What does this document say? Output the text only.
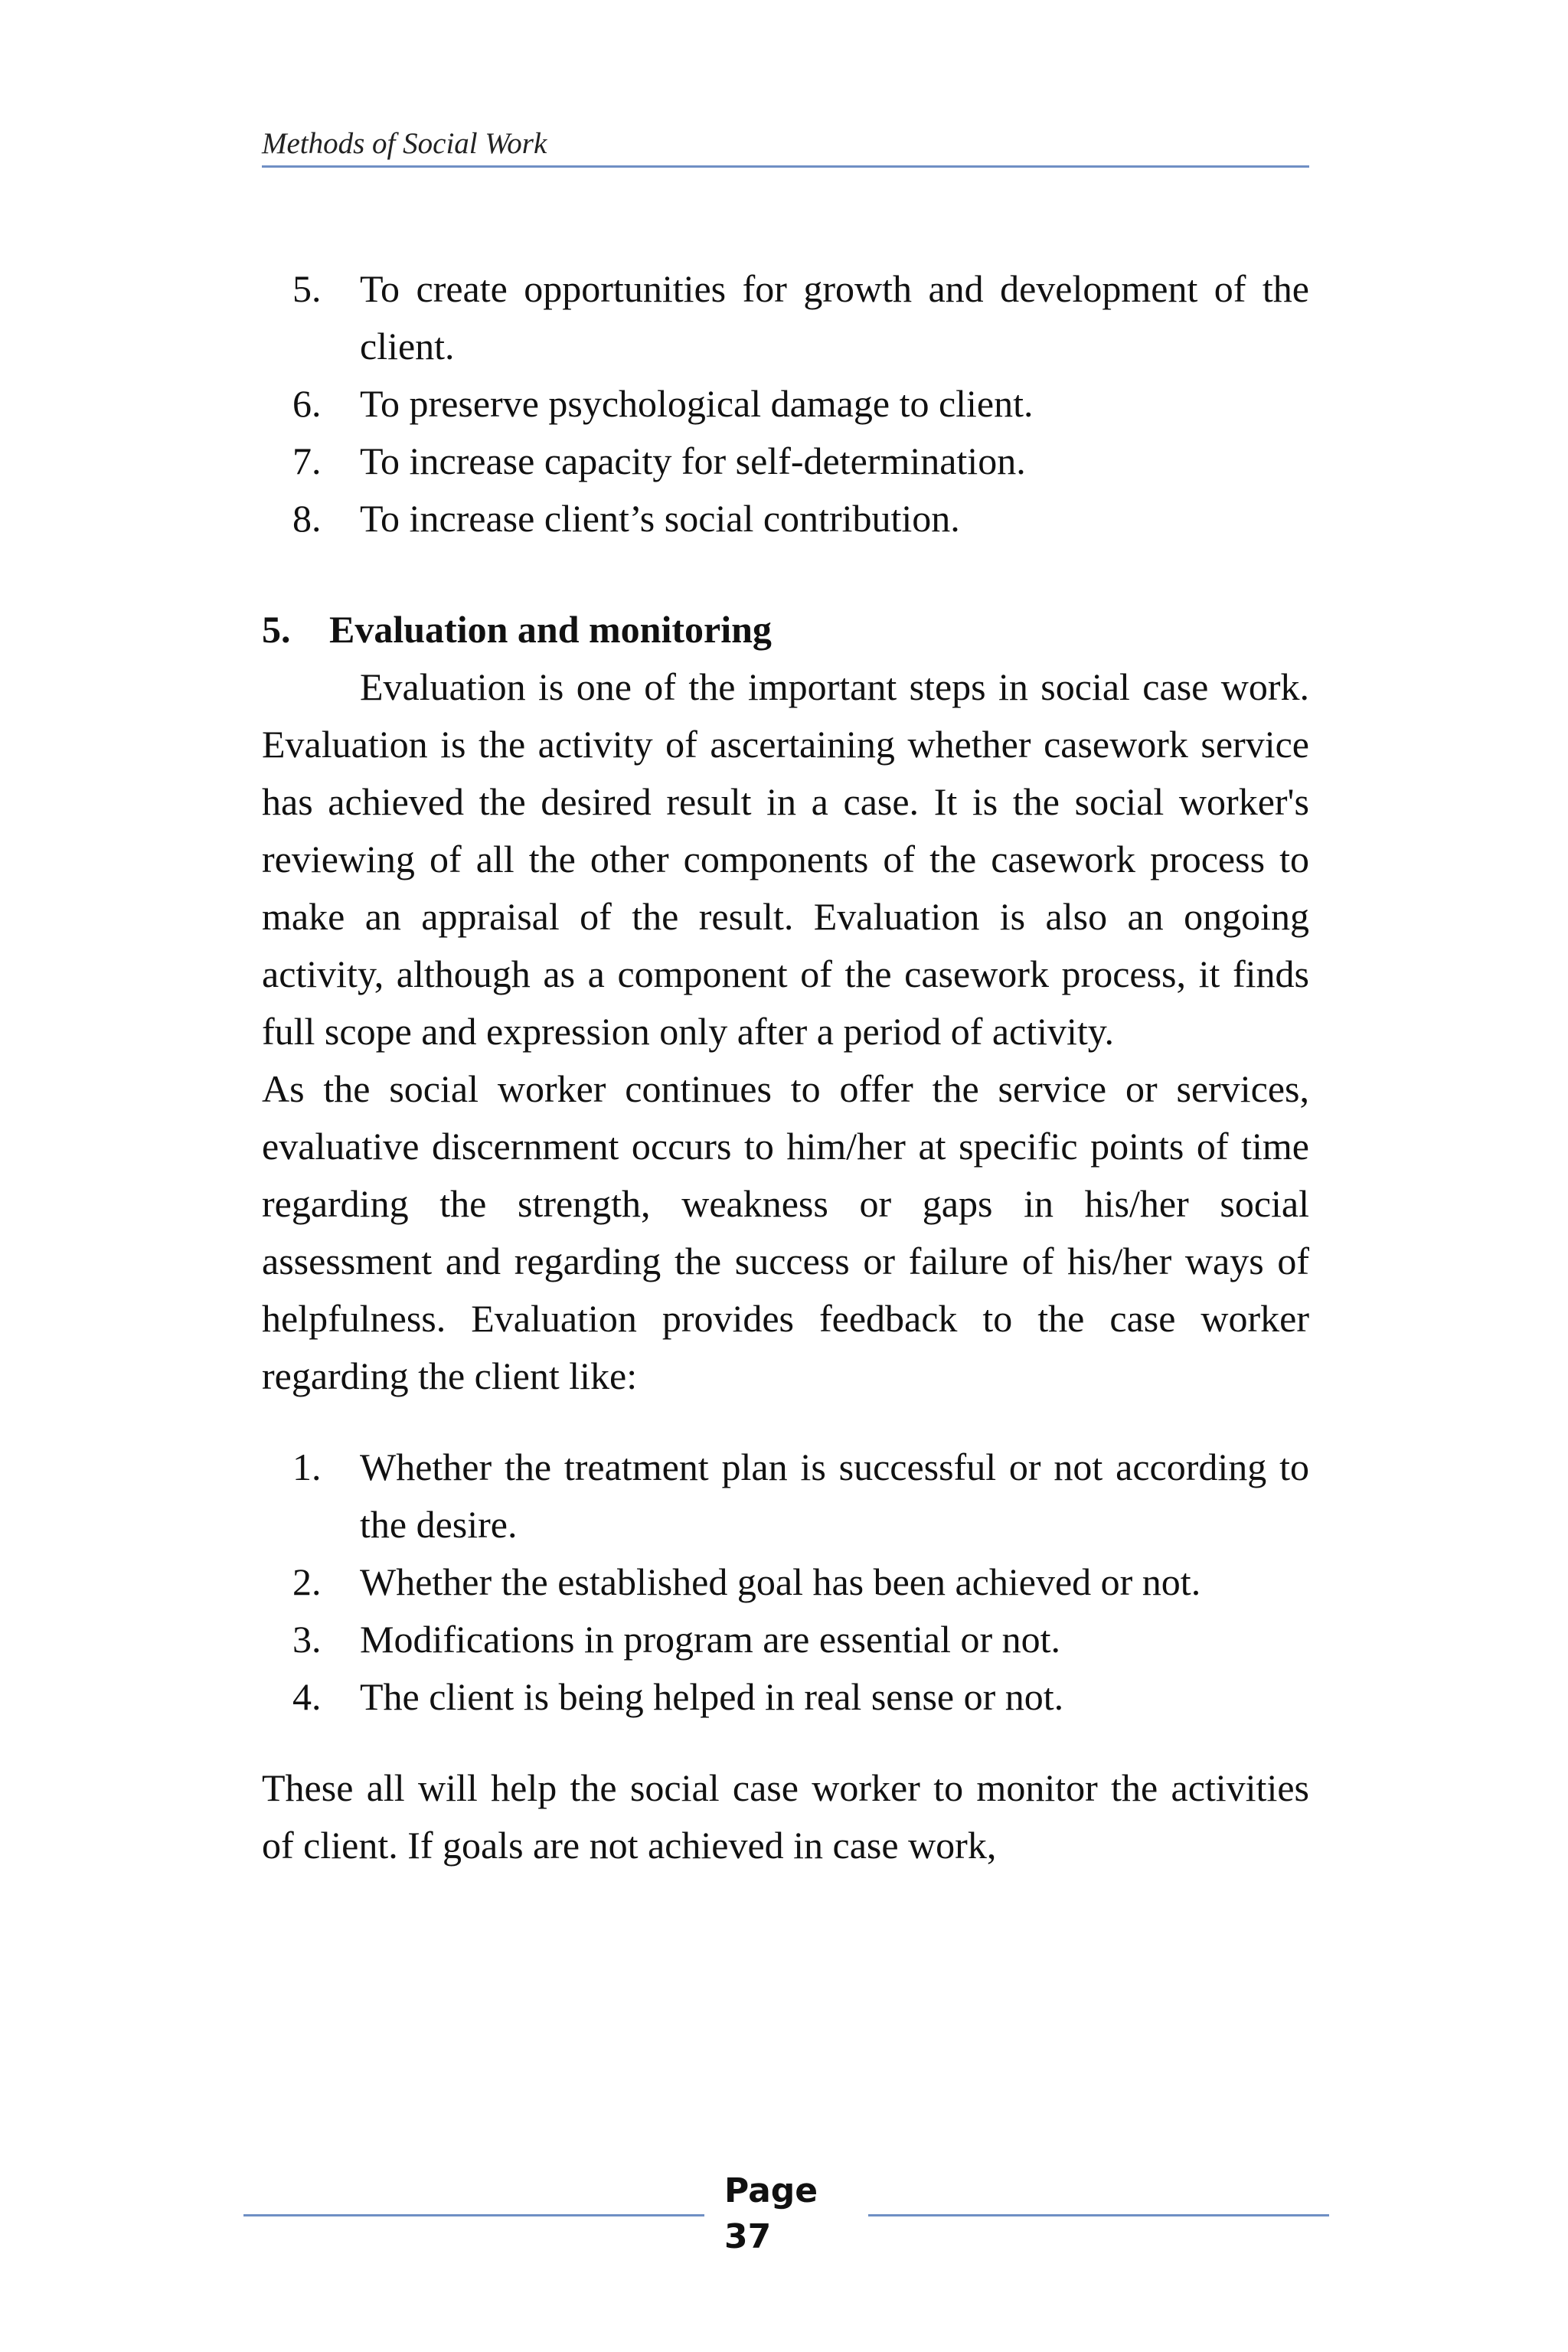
Methods of Social Work
5. To create opportunities for growth and development of the client.
6. To preserve psychological damage to client.
7. To increase capacity for self-determination.
8. To increase client’s social contribution.
5. Evaluation and monitoring

Evaluation is one of the important steps in social case work. Evaluation is the activity of ascertaining whether casework service has achieved the desired result in a case. It is the social worker's reviewing of all the other components of the casework process to make an appraisal of the result. Evaluation is also an ongoing activity, although as a component of the casework process, it finds full scope and expression only after a period of activity.

As the social worker continues to offer the service or services, evaluative discernment occurs to him/her at specific points of time regarding the strength, weakness or gaps in his/her social assessment and regarding the success or failure of his/her ways of helpfulness. Evaluation provides feedback to the case worker regarding the client like:

1. Whether the treatment plan is successful or not according to the desire.
2. Whether the established goal has been achieved or not.
3. Modifications in program are essential or not.
4. The client is being helped in real sense or not.

These all will help the social case worker to monitor the activities of client. If goals are not achieved in case work,

Page
37
